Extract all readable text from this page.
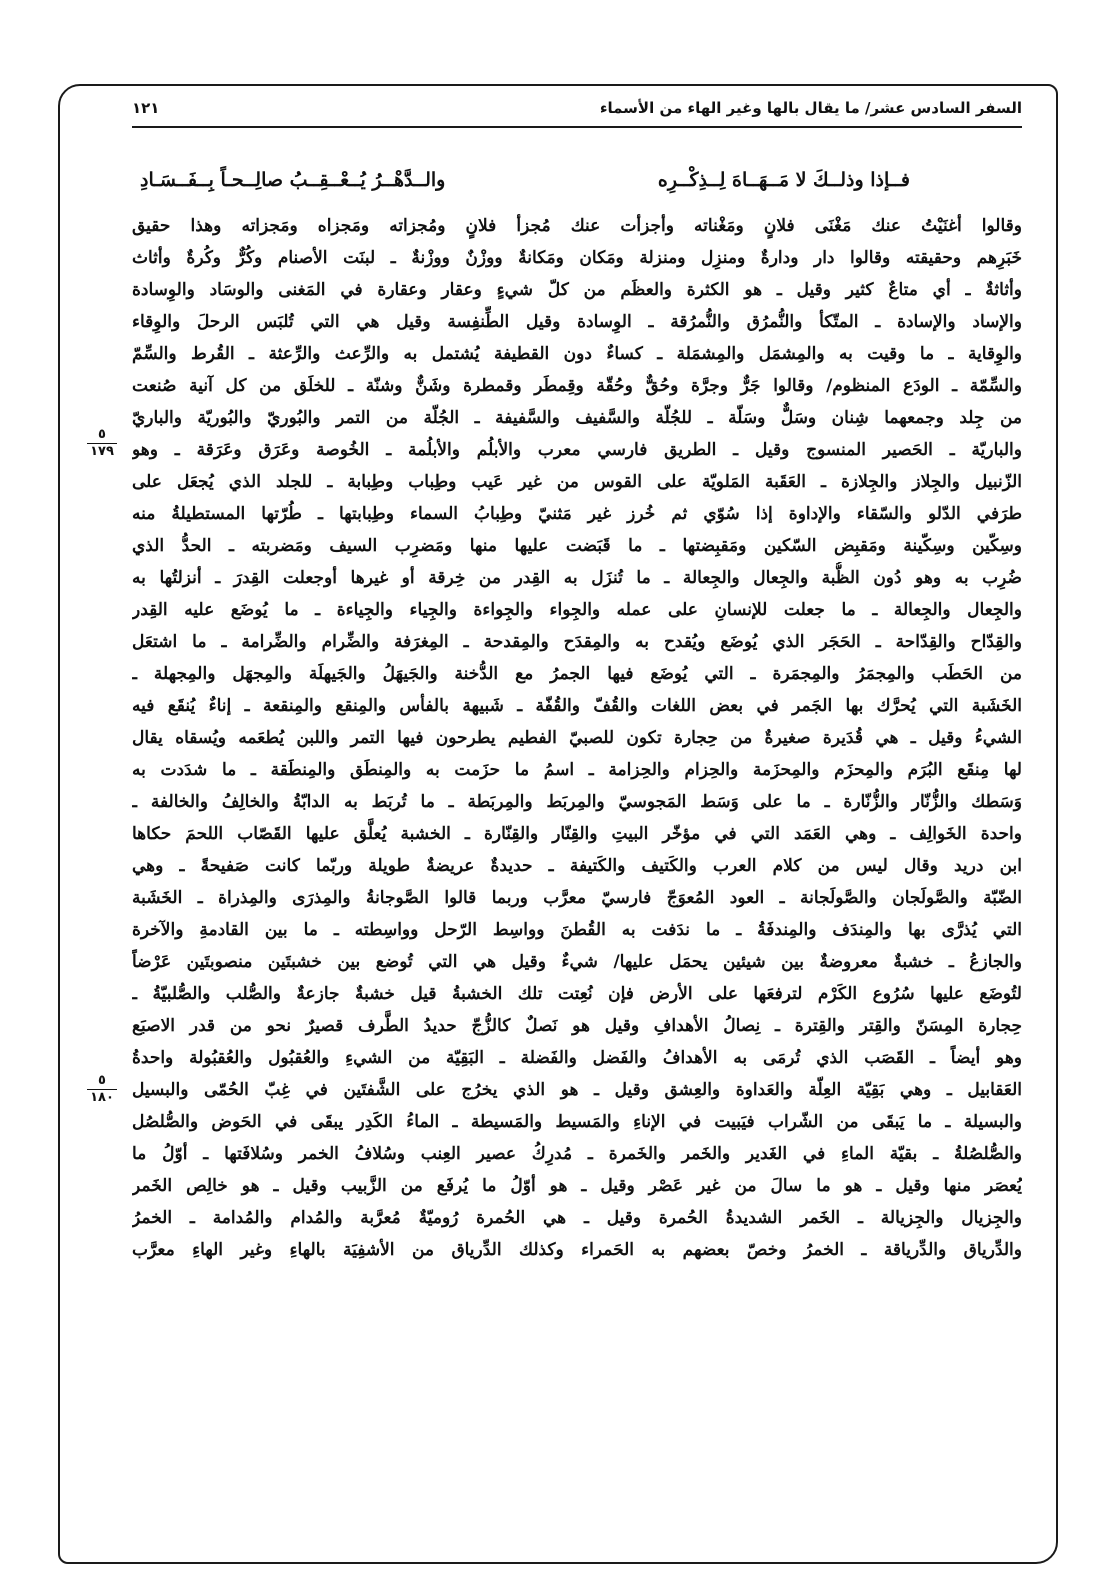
السفر السادس عشر/ ما يقال بالها وغير الهاء من الأسماء
١٢١
فــإذا وذلــكَ لا مَــهَــاهَ لِــذِكْــرِه
والــدَّهْــرُ يُــعْــقِــبُ صالِــحـاً بِــفَــسَـادِ
٥
١٧٩
٥
١٨٠
وقالوا أغنَيْتُ عنك مَغْنَى فلانٍ ومَغْناته وأجزأت عنك مُجزأ فلانٍ ومُجزاته ومَجزاه ومَجزاته وهذا حقيق
خَبَرِهم وحقيقته وقالوا دار ودارةٌ ومنزِل ومنزلة ومَكان ومَكانةٌ ووزْنٌ ووزْنةٌ ـ لبنَت الأصنام وكُرٌّ وكُرةٌ وأثاث
وأثاثةٌ ـ أي متاعٌ كثير وقيل ـ هو الكثرة والعظَم من كلّ شيءٍ وعقار وعقارة في المَغنى والوسَاد والوِسادة
والإساد والإسادة ـ المتّكأ والنُّمرُق والنُّمرُقة ـ الوِسادة وقيل الطِّنفِسة وقيل هي التي تُلبَس الرحلَ والوِقاء
والوِقاية ـ ما وقيت به والمِشمَل والمِشمَلة ـ كساءٌ دون القطيفة يُشتمل به والرِّعث والرِّعثة ـ القُرط والسِّمّ
والسِّمّة ـ الودَع المنظوم/ وقالوا جَرٌّ وجرَّة وحُقٌّ وحُقّة وقِمطَر وقمطرة وشَنٌّ وشنّة ـ للخلَق من كل آنية صُنعت
من جِلد وجمعهما شِنان وسَلٌّ وسَلّة ـ للجُلّة والسَّفيف والسَّفيفة ـ الجُلّة من التمر والبُوريّ والبُوريّة والباريّ
والباريّة ـ الحَصير المنسوج وقيل ـ الطريق فارسي معرب والأبلُم والأبلُمة ـ الخُوصة وعَرَق وعَرَقة ـ وهو
الزّنبيل والجِلاز والجِلازة ـ العَقَبة المَلويّة على القوس من غير عَيب وطِباب وطِبابة ـ للجلد الذي يُجعَل على
طرَفي الدّلو والسّقاء والإداوة إذا سُوّي ثم خُرز غير مَثنيّ وطِبابُ السماء وطِبابتها ـ طُرّتها المستطيلةُ منه
وسِكّين وسِكّينة ومَقبِض السّكين ومَقبِضتها ـ ما قَبَضت عليها منها ومَضرِب السيف ومَضربته ـ الحدُّ الذي
ضُرِب به وهو دُون الظُّبة والجِعال والجِعالة ـ ما تُنزَل به القِدر من خِرقة أو غيرها أوجعلت القِدرَ ـ أنزلتُها به
والجِعال والجِعالة ـ ما جعلت للإنسانِ على عمله والجِواء والجِواءة والجِياء والجِياءة ـ ما يُوضَع عليه القِدر
والقِدّاح والقِدّاحة ـ الحَجَر الذي يُوضَع ويُقدح به والمِقدَح والمِقدحة ـ المِغرَفة والضِّرام والضِّرامة ـ ما اشتعَل
من الحَطَب والمِجمَرُ والمِجمَرة ـ التي يُوضَع فيها الجمرُ مع الدُّخنة والجَيهَلُ والجَيهلَة والمِجهَل والمِجهلة ـ
الخَشَبة التي يُحرَّك بها الجَمر في بعض اللغات والقُفّ والقُفّة ـ شَبيهة بالفأس والمِنقع والمِنقعة ـ إناءٌ يُنقَع فيه
الشيءُ وقيل ـ هي قُدَيرة صغيرةٌ من حِجارة تكون للصبيّ الفطيم يطرحون فيها التمر واللبن يُطعَمه ويُسقاه يقال
لها مِنقَع البُرَم والمِحزَم والمِحزَمة والحِزام والحِزامة ـ اسمُ ما حزَمت به والمِنطَق والمِنطَقة ـ ما شدَدت به
وَسَطك والزُّنّار والزُّنّارة ـ ما على وَسَط المَجوسيّ والمِربَط والمِربَطة ـ ما تُربَط به الدابّةُ والخالِفُ والخالفة ـ
واحدة الخَوالِف ـ وهي العَمَد التي في مؤخّر البيتِ والقِنّار والقِنّارة ـ الخشبة يُعلَّق عليها القَصّاب اللحمَ حكاها
ابن دريد وقال ليس من كلام العرب والكَتيف والكَتيفة ـ حديدةٌ عريضةٌ طويلة وربّما كانت صَفيحةً ـ وهي
الضّبّة والصَّولَجان والصَّولَجانة ـ العود المُعوَجّ فارسيّ معرَّب وربما قالوا الصَّوجانةُ والمِذرَى والمِذراة ـ الخَشَبة
التي يُذرَّى بها والمِندَف والمِندفَةُ ـ ما ندَفت به القُطنَ وواسِط الرّحل وواسِطته ـ ما بين القادمةِ والآخرة
والجازعُ ـ خشبةٌ معروضةٌ بين شيئين يحمَل عليها/ شيءٌ وقيل هي التي تُوضع بين خشبتَين منصوبتَين عَرْضاً
لتُوضَع عليها سُرُوع الكَرْم لترفعَها على الأرض فإن نُعِتت تلك الخشبةُ قيل خشبةٌ جازعةٌ والصُّلب والصُّلبيّةُ ـ
حِجارة المِسَنّ والقِتر والقِترة ـ نِصالُ الأهدافِ وقيل هو نَصلٌ كالزُّجّ حديدُ الطَّرف قصيرٌ نحو من قدر الاصبَع
وهو أيضاً ـ القَصَب الذي تُرمَى به الأهدافُ والفَضل والفَضلة ـ البَقِيّة من الشيءِ والعُقبُول والعُقبُولة واحدةُ
العَقابيل ـ وهي بَقِيّة العِلّة والعَداوة والعِشق وقيل ـ هو الذي يخرُج على الشَّفتَين في غِبّ الحُمّى والبسيل
والبسيلة ـ ما يَبقَى من الشّراب فيَبيت في الإناءِ والمَسيط والمَسيطة ـ الماءُ الكَدِر يبقَى في الحَوض والصُّلصُل
والصُّلصُلةُ ـ بقيّة الماءِ في الغَدير والخَمر والخَمرة ـ مُدرِكُ عصير العِنب وسُلافُ الخمر وسُلافَتها ـ أوّلُ ما
يُعصَر منها وقيل ـ هو ما سالَ من غير عَصْر وقيل ـ هو أوّلُ ما يُرفَع من الزَّبيب وقيل ـ هو خالِص الخَمر
والجِزيال والجِزيالة ـ الخَمر الشديدةُ الحُمرة وقيل ـ هي الحُمرة رُوميّةٌ مُعرَّبة والمُدام والمُدامة ـ الخمرُ
والدِّرياق والدِّرياقة ـ الخمرُ وخصّ بعضهم به الحَمراء وكذلك الدِّرياق من الأشفِيَة بالهاءِ وغير الهاءِ معرَّب
